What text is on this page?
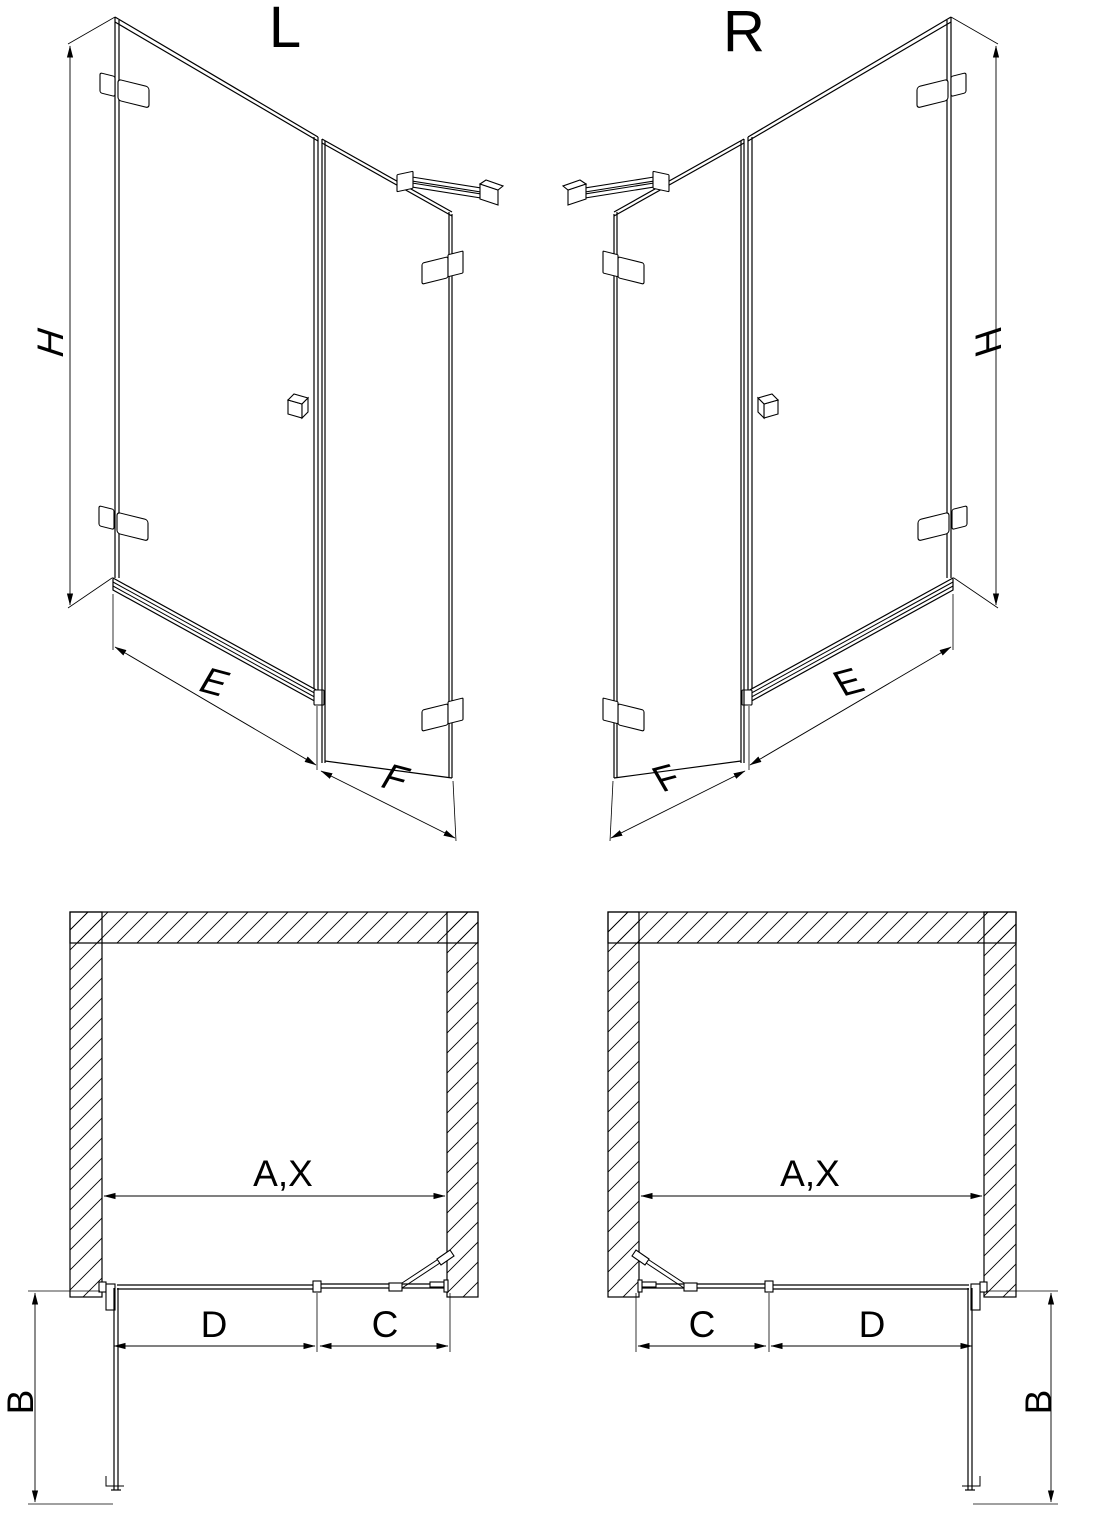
L	R
H
E
F
H
E
F
A,X
D	C
B
A,X
C	D
B
